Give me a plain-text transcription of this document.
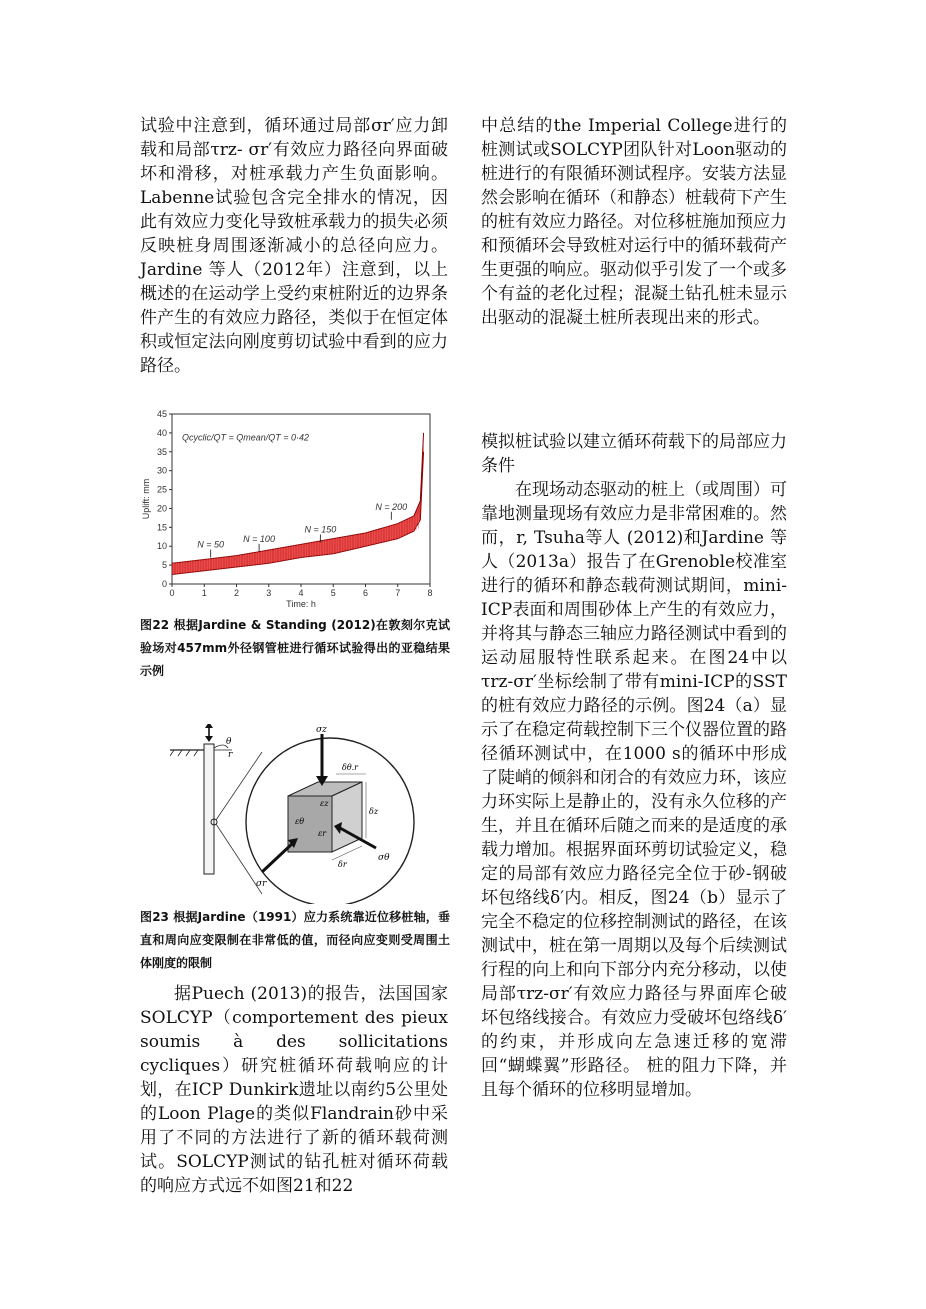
试验中注意到，循环通过局部σr′应力卸载和局部τrz- σr′有效应力路径向界面破坏和滑移，对桩承载力产生负面影响。Labenne试验包含完全排水的情况，因此有效应力变化导致桩承载力的损失必须反映桩身周围逐渐减小的总径向应力。Jardine 等人（2012年）注意到，以上概述的在运动学上受约束桩附近的边界条件产生的有效应力路径，类似于在恒定体积或恒定法向刚度剪切试验中看到的应力路径。

0
5
10
15
20
25
30
35
40
45
0	1	2	3	4	5	6	7	8
Time: h
Uplift: mm
Qcyclic/QT = Qmean/QT = 0·42
N = 50
N = 100
N = 150
N = 200
图22 根据Jardine & Standing (2012)在敦刻尔克试验场对457mm外径钢管桩进行循环试验得出的亚稳结果示例
θ
r
σz
σr
σθ
εz
εθ
εr
δz
δr
δθ.r
图23 根据Jardine（1991）应力系统靠近位移桩轴，垂直和周向应变限制在非常低的值，而径向应变则受周围土体刚度的限制

据Puech (2013)的报告，法国国家SOLCYP（comportement des pieux soumis à des sollicitations cycliques）研究桩循环荷载响应的计划，在ICP Dunkirk遗址以南约5公里处的Loon Plage的类似Flandrain砂中采用了不同的方法进行了新的循环载荷测试。SOLCYP测试的钻孔桩对循环荷载的响应方式远不如图21和22

中总结的the Imperial College进行的桩测试或SOLCYP团队针对Loon驱动的桩进行的有限循环测试程序。安装方法显然会影响在循环（和静态）桩载荷下产生的桩有效应力路径。对位移桩施加预应力和预循环会导致桩对运行中的循环载荷产生更强的响应。驱动似乎引发了一个或多个有益的老化过程；混凝土钻孔桩未显示出驱动的混凝土桩所表现出来的形式。

模拟桩试验以建立循环荷载下的局部应力条件

在现场动态驱动的桩上（或周围）可靠地测量现场有效应力是非常困难的。然而，r, Tsuha等人 (2012)和Jardine 等人（2013a）报告了在Grenoble校准室进行的循环和静态载荷测试期间，mini-ICP表面和周围砂体上产生的有效应力，并将其与静态三轴应力路径测试中看到的运动屈服特性联系起来。在图24中以τrz-σr′坐标绘制了带有mini-ICP的SST的桩有效应力路径的示例。图24（a）显示了在稳定荷载控制下三个仪器位置的路径循环测试中，在1000 s的循环中形成了陡峭的倾斜和闭合的有效应力环，该应力环实际上是静止的，没有永久位移的产生，并且在循环后随之而来的是适度的承载力增加。根据界面环剪切试验定义，稳定的局部有效应力路径完全位于砂-钢破坏包络线δ′内。相反，图24（b）显示了完全不稳定的位移控制测试的路径，在该测试中，桩在第一周期以及每个后续测试行程的向上和向下部分内充分移动，以使局部τrz-σr′有效应力路径与界面库仑破坏包络线接合。有效应力受破坏包络线δ′的约束，并形成向左急速迁移的宽滞回“蝴蝶翼”形路径。 桩的阻力下降，并且每个循环的位移明显增加。
